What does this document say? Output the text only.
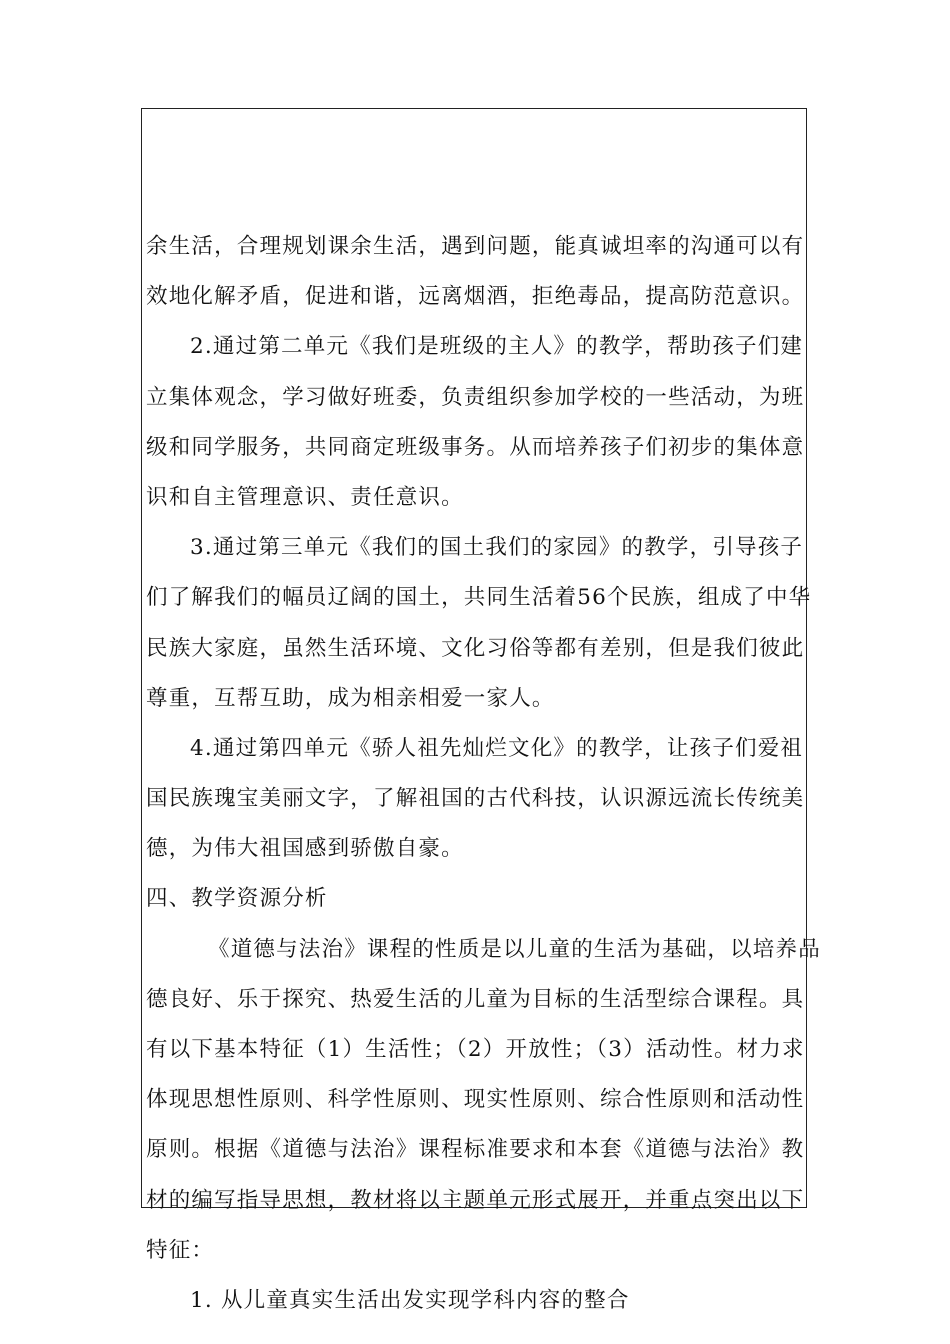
余生活，合理规划课余生活，遇到问题，能真诚坦率的沟通可以有
效地化解矛盾，促进和谐，远离烟酒，拒绝毒品，提高防范意识。
2.通过第二单元《我们是班级的主人》的教学，帮助孩子们建
立集体观念，学习做好班委，负责组织参加学校的一些活动，为班
级和同学服务，共同商定班级事务。从而培养孩子们初步的集体意
识和自主管理意识、责任意识。
3.通过第三单元《我们的国土我们的家园》的教学，引导孩子
们了解我们的幅员辽阔的国土，共同生活着56个民族，组成了中华
民族大家庭，虽然生活环境、文化习俗等都有差别，但是我们彼此
尊重，互帮互助，成为相亲相爱一家人。
4.通过第四单元《骄人祖先灿烂文化》的教学，让孩子们爱祖
国民族瑰宝美丽文字，了解祖国的古代科技，认识源远流长传统美
德，为伟大祖国感到骄傲自豪。
四、教学资源分析
《道德与法治》课程的性质是以儿童的生活为基础，以培养品
德良好、乐于探究、热爱生活的儿童为目标的生活型综合课程。具
有以下基本特征（1）生活性；（2）开放性；（3）活动性。材力求
体现思想性原则、科学性原则、现实性原则、综合性原则和活动性
原则。根据《道德与法治》课程标准要求和本套《道德与法治》教
材的编写指导思想，教材将以主题单元形式展开，并重点突出以下
特征：
1. 从儿童真实生活出发实现学科内容的整合
